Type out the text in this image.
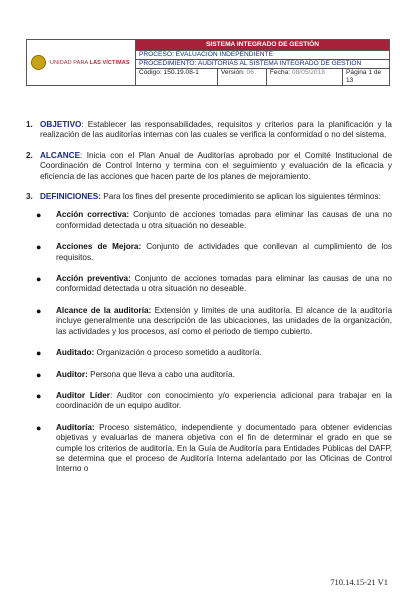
UNIDAD PARA LAS VÍCTIMAS	SISTEMA INTEGRADO DE GESTIÓN			
	PROCESO: EVALUACIÓN INDEPENDIENTE			
	PROCEDIMIENTO: AUDITORÍAS AL SISTEMA INTEGRADO DE GESTIÓN			
	Código: 150.19.08-1	Versión: 06	Fecha: 08/05/2018	Página 1 de 13
1. OBJETIVO: Establecer las responsabilidades, requisitos y criterios para la planificación y la realización de las auditorías internas con las cuales se verifica la conformidad o no del sistema.
2. ALCANCE: Inicia con el Plan Anual de Auditorías aprobado por el Comité Institucional de Coordinación de Control Interno y termina con el seguimiento y evaluación de la eficacia y eficiencia de las acciones que hacen parte de los planes de mejoramiento.
3. DEFINICIONES: Para los fines del presente procedimiento se aplican los siguientes términos:
●	Acción correctiva: Conjunto de acciones tomadas para eliminar las causas de una no conformidad detectada u otra situación no deseable.
●	Acciones de Mejora: Conjunto de actividades que conllevan al cumplimiento de los requisitos.
●	Acción preventiva: Conjunto de acciones tomadas para eliminar las causas de una no conformidad detectada u otra situación no deseable.
●	Alcance de la auditoría: Extensión y límites de una auditoría. El alcance de la auditoría incluye generalmente una descripción de las ubicaciones, las unidades de la organización, las actividades y los procesos, así como el periodo de tiempo cubierto.
●	Auditado: Organización o proceso sometido a auditoría.
●	Auditor: Persona que lleva a cabo una auditoría.
●	Auditor Líder: Auditor con conocimiento y/o experiencia adicional para trabajar en la coordinación de un equipo auditor.
●	Auditoría: Proceso sistemático, independiente y documentado para obtener evidencias objetivas y evaluarlas de manera objetiva con el fin de determinar el grado en que se cumple los criterios de auditoría. En la Guía de Auditoría para Entidades Públicas del DAFP, se determina que el proceso de Auditoría Interna adelantado por las Oficinas de Control Interno o
710.14.15-21 V1
